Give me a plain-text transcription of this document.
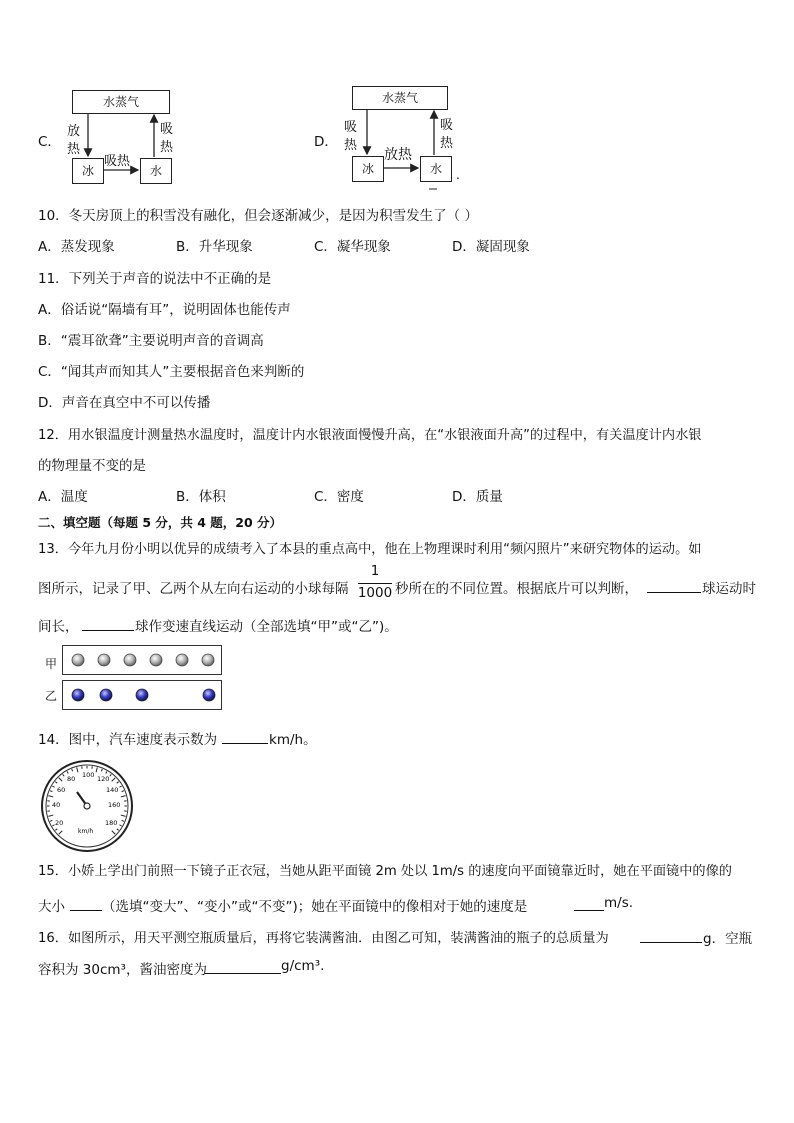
C．
水蒸气
冰	水
放
热
吸
热
吸热
D．
水蒸气
冰	水
吸
热
吸
热
放热
.
10．冬天房顶上的积雪没有融化，但会逐渐减少，是因为积雪发生了（ ）
A．蒸发现象	B．升华现象	C．凝华现象	D．凝固现象
11．下列关于声音的说法中不正确的是
A．俗话说“隔墙有耳”，说明固体也能传声
B．“震耳欲聋”主要说明声音的音调高
C．“闻其声而知其人”主要根据音色来判断的
D．声音在真空中不可以传播
12．用水银温度计测量热水温度时，温度计内水银液面慢慢升高，在“水银液面升高”的过程中，有关温度计内水银
的物理量不变的是
A．温度	B．体积	C．密度	D．质量
二、填空题（每题 5 分，共 4 题，20 分）
13．今年九月份小明以优异的成绩考入了本县的重点高中，他在上物理课时利用“频闪照片”来研究物体的运动。如
图所示，记录了甲、乙两个从左向右运动的小球每隔
1
1000 秒所在的不同位置。根据底片可以判断，	球运动时
间长，	球作变速直线运动（全部选填“甲”或“乙”)。
甲
乙
14．图中，汽车速度表示数为	km/h。
20
40
60
80 100 120
140
160
180
km/h
15．小娇上学出门前照一下镜子正衣冠，当她从距平面镜 2m 处以 1m/s 的速度向平面镜靠近时，她在平面镜中的像的
大小	（选填“变大”、“变小”或“不变”)；她在平面镜中的像相对于她的速度是	m/s.
16．如图所示，用天平测空瓶质量后，再将它装满酱油．由图乙可知，装满酱油的瓶子的总质量为	g．空瓶
容积为 30cm³，酱油密度为	g/cm³.
